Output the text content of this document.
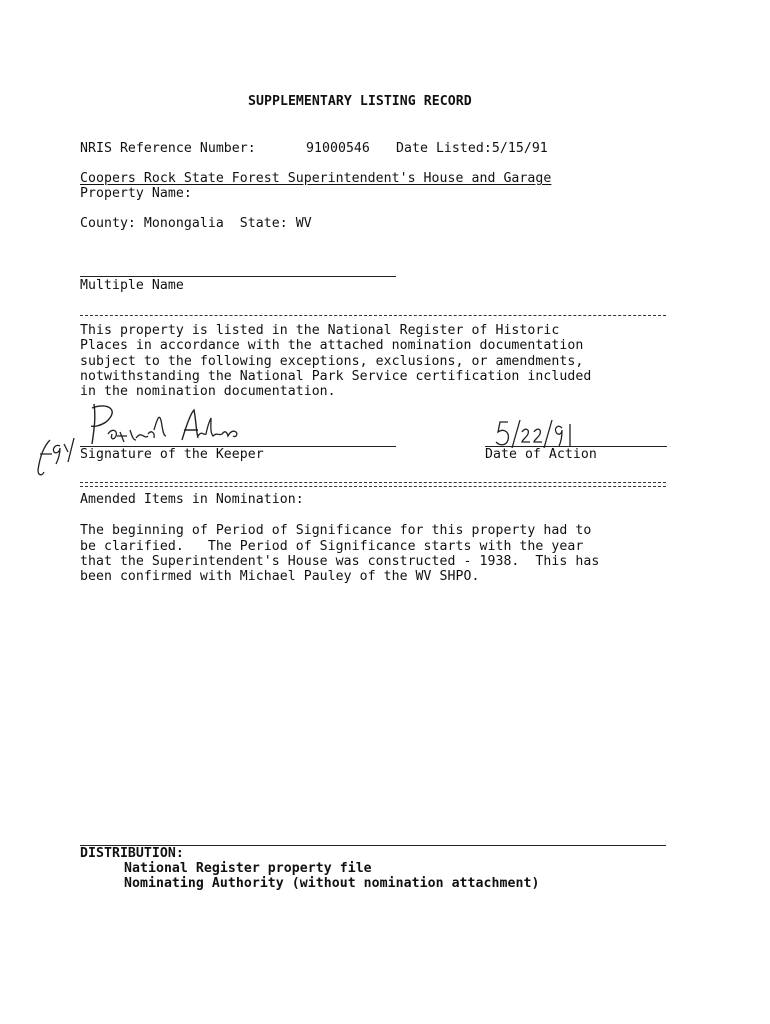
SUPPLEMENTARY LISTING RECORD
NRIS Reference Number:	91000546 Date Listed:5/15/91
Coopers Rock State Forest Superintendent's House and Garage
Property Name:
County: Monongalia  State: WV
Multiple Name
This property is listed in the National Register of Historic
Places in accordance with the attached nomination documentation
subject to the following exceptions, exclusions, or amendments,
notwithstanding the National Park Service certification included
in the nomination documentation.
Signature of the Keeper	Date of Action
Amended Items in Nomination:
The beginning of Period of Significance for this property had to
be clarified.   The Period of Significance starts with the year
that the Superintendent's House was constructed - 1938.  This has
been confirmed with Michael Pauley of the WV SHPO.
DISTRIBUTION:
National Register property file
Nominating Authority (without nomination attachment)
